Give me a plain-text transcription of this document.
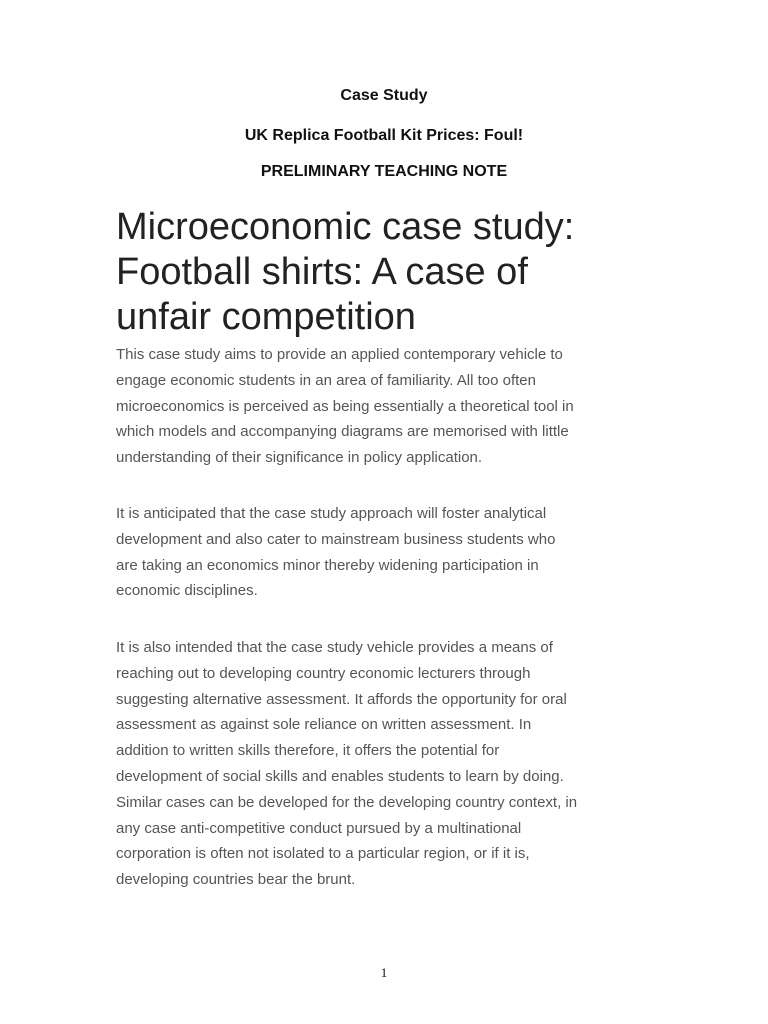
Case Study
UK Replica Football Kit Prices: Foul!
PRELIMINARY TEACHING NOTE
Microeconomic case study:
Football shirts: A case of
unfair competition

This case study aims to provide an applied contemporary vehicle to
engage economic students in an area of familiarity. All too often
microeconomics is perceived as being essentially a theoretical tool in
which models and accompanying diagrams are memorised with little
understanding of their significance in policy application.

It is anticipated that the case study approach will foster analytical
development and also cater to mainstream business students who
are taking an economics minor thereby widening participation in
economic disciplines.

It is also intended that the case study vehicle provides a means of
reaching out to developing country economic lecturers through
suggesting alternative assessment. It affords the opportunity for oral
assessment as against sole reliance on written assessment. In
addition to written skills therefore, it offers the potential for
development of social skills and enables students to learn by doing.
Similar cases can be developed for the developing country context, in
any case anti-competitive conduct pursued by a multinational
corporation is often not isolated to a particular region, or if it is,
developing countries bear the brunt.

1
